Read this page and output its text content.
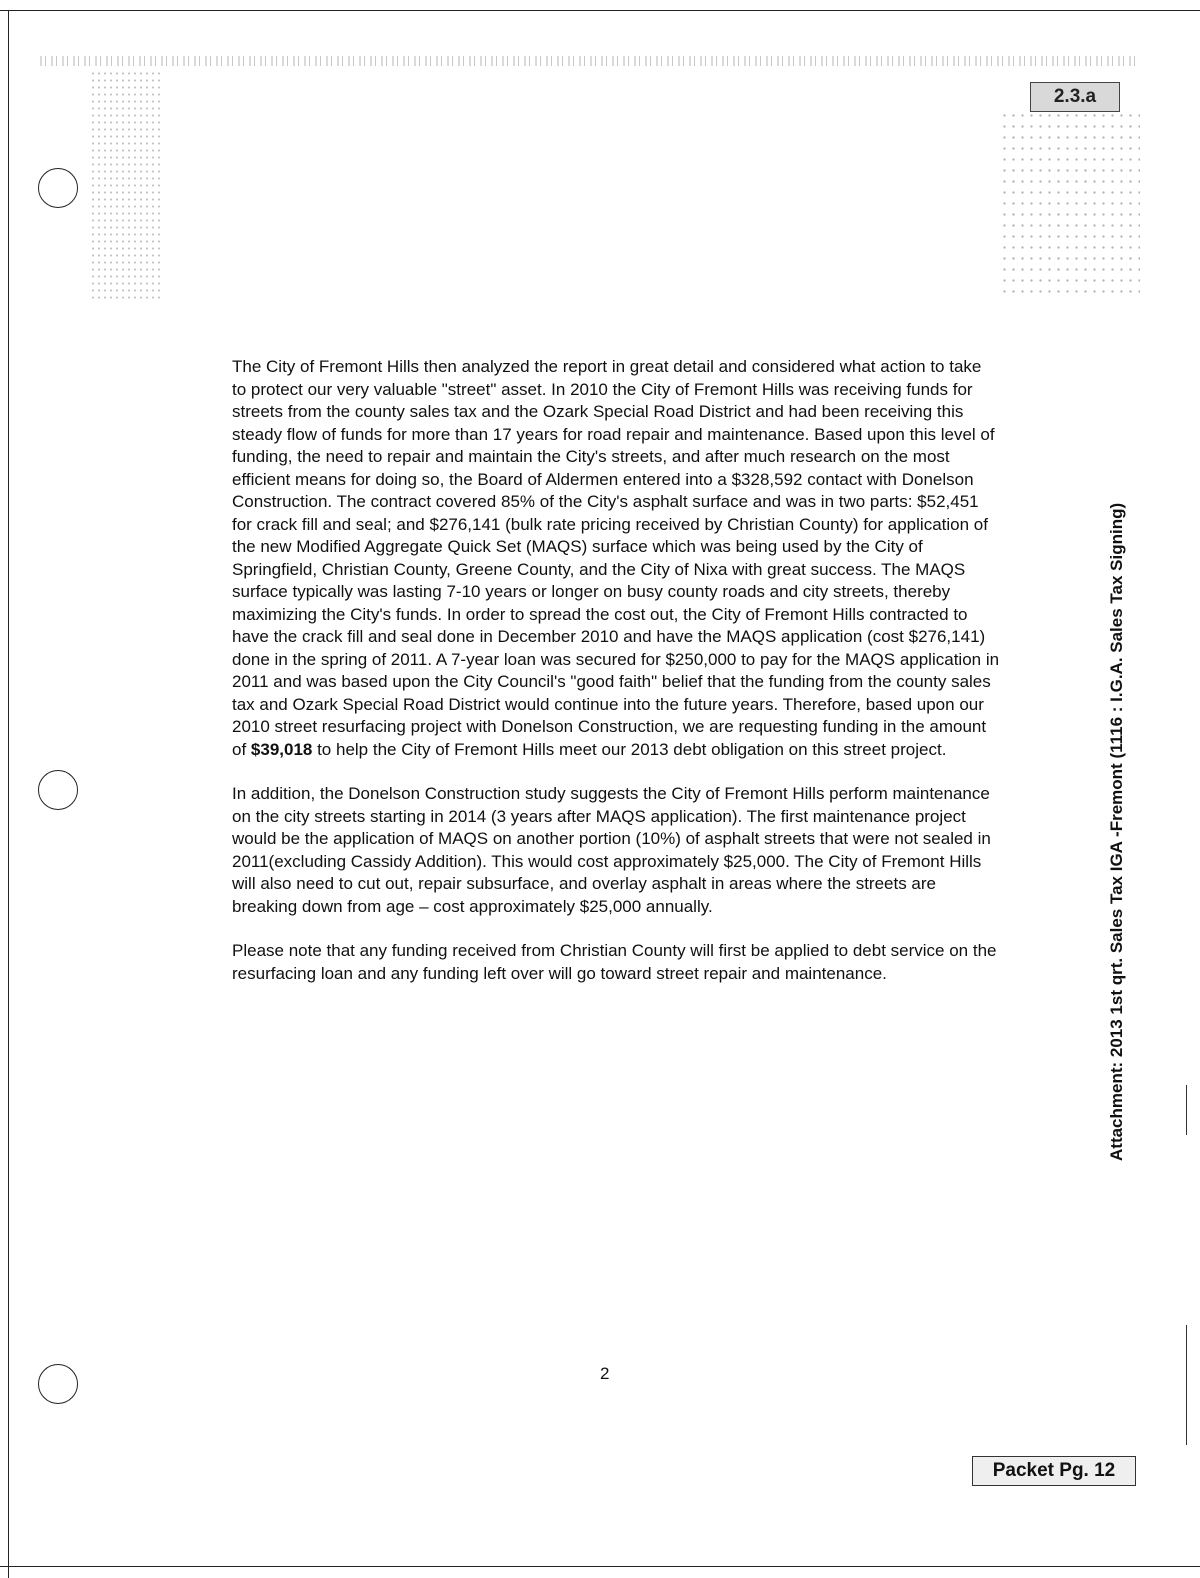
2.3.a

The City of Fremont Hills then analyzed the report in great detail and considered what action to take to protect our very valuable "street" asset. In 2010 the City of Fremont Hills was receiving funds for streets from the county sales tax and the Ozark Special Road District and had been receiving this steady flow of funds for more than 17 years for road repair and maintenance. Based upon this level of funding, the need to repair and maintain the City's streets, and after much research on the most efficient means for doing so, the Board of Aldermen entered into a $328,592 contact with Donelson Construction. The contract covered 85% of the City's asphalt surface and was in two parts: $52,451 for crack fill and seal; and $276,141 (bulk rate pricing received by Christian County) for application of the new Modified Aggregate Quick Set (MAQS) surface which was being used by the City of Springfield, Christian County, Greene County, and the City of Nixa with great success. The MAQS surface typically was lasting 7-10 years or longer on busy county roads and city streets, thereby maximizing the City's funds. In order to spread the cost out, the City of Fremont Hills contracted to have the crack fill and seal done in December 2010 and have the MAQS application (cost $276,141) done in the spring of 2011. A 7-year loan was secured for $250,000 to pay for the MAQS application in 2011 and was based upon the City Council's "good faith" belief that the funding from the county sales tax and Ozark Special Road District would continue into the future years. Therefore, based upon our 2010 street resurfacing project with Donelson Construction, we are requesting funding in the amount of $39,018 to help the City of Fremont Hills meet our 2013 debt obligation on this street project.

In addition, the Donelson Construction study suggests the City of Fremont Hills perform maintenance on the city streets starting in 2014 (3 years after MAQS application). The first maintenance project would be the application of MAQS on another portion (10%) of asphalt streets that were not sealed in 2011(excluding Cassidy Addition). This would cost approximately $25,000. The City of Fremont Hills will also need to cut out, repair subsurface, and overlay asphalt in areas where the streets are breaking down from age – cost approximately $25,000 annually.

Please note that any funding received from Christian County will first be applied to debt service on the resurfacing loan and any funding left over will go toward street repair and maintenance.	Attachment: 2013 1st qrt. Sales Tax IGA -Fremont (1116 : I.G.A. Sales Tax Signing)
2
Packet Pg. 12
